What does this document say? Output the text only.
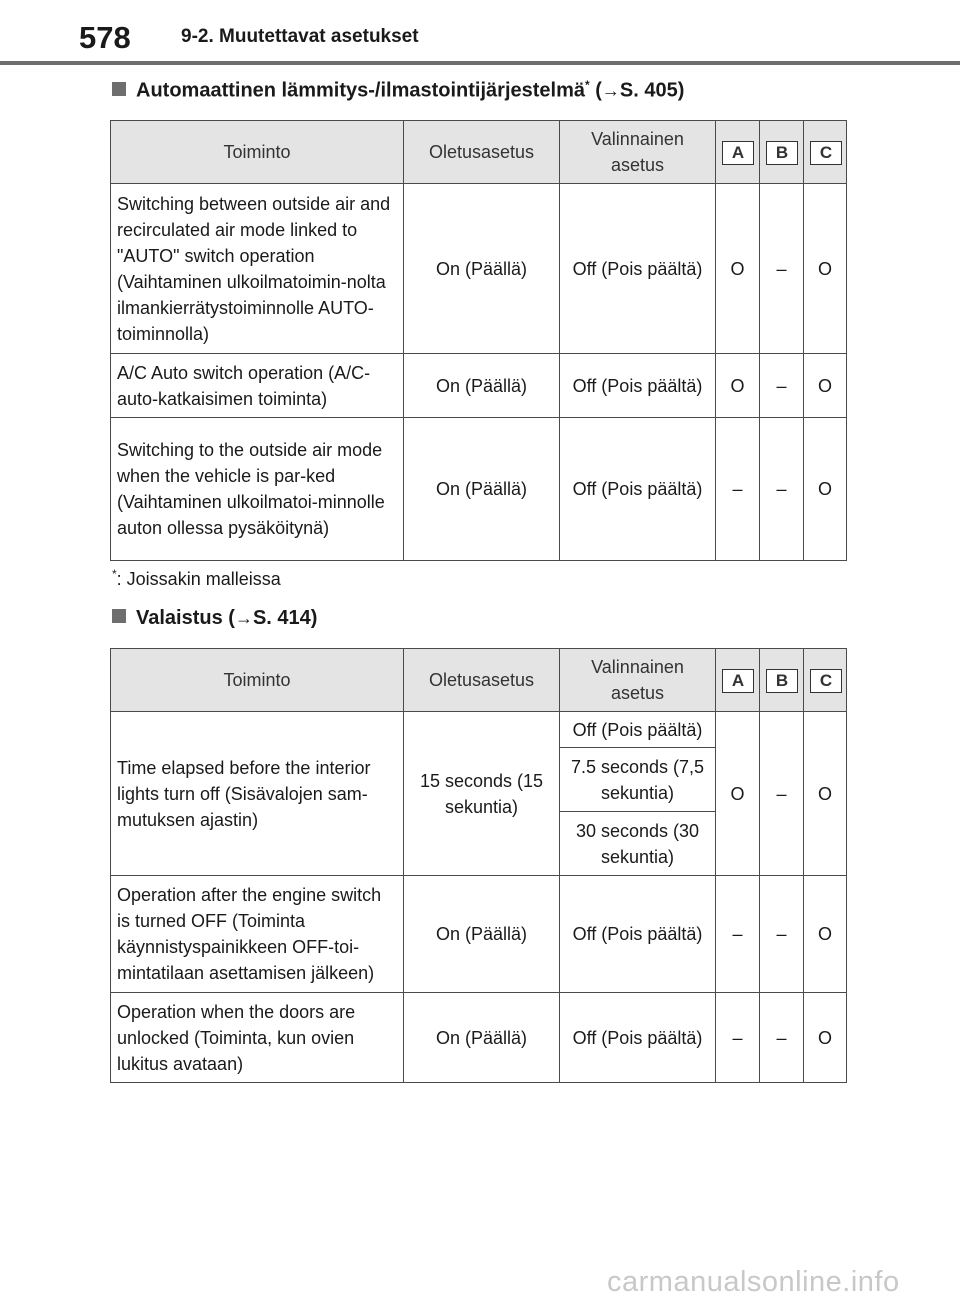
578	9-2. Muutettavat asetukset
Automaattinen lämmitys-/ilmastointijärjestelmä* (→S. 405)
Toiminto	Oletusasetus	Valinnainen asetus	A	B	C
Switching between outside air and recirculated air mode linked to "AUTO" switch operation (Vaihtaminen ulkoilmatoimin-nolta ilmankierrätystoiminnolle AUTO-toiminnolla)	On (Päällä)	Off (Pois päältä)	O	–	O
A/C Auto switch operation (A/C-auto-katkaisimen toiminta)	On (Päällä)	Off (Pois päältä)	O	–	O
Switching to the outside air mode when the vehicle is par-ked (Vaihtaminen ulkoilmatoi-minnolle auton ollessa pysäköitynä)	On (Päällä)	Off (Pois päältä)	–	–	O
*: Joissakin malleissa
Valaistus (→S. 414)
Toiminto	Oletusasetus	Valinnainen asetus	A	B	C
Time elapsed before the interior lights turn off (Sisävalojen sam-mutuksen ajastin)	15 seconds (15 sekuntia)	Off (Pois päältä)	O	–	O
		7.5 seconds (7,5 sekuntia)			
		30 seconds (30 sekuntia)			
Operation after the engine switch is turned OFF (Toiminta käynnistyspainikkeen OFF-toi-mintatilaan asettamisen jälkeen)	On (Päällä)	Off (Pois päältä)	–	–	O
Operation when the doors are unlocked (Toiminta, kun ovien lukitus avataan)	On (Päällä)	Off (Pois päältä)	–	–	O
carmanualsonline.info
